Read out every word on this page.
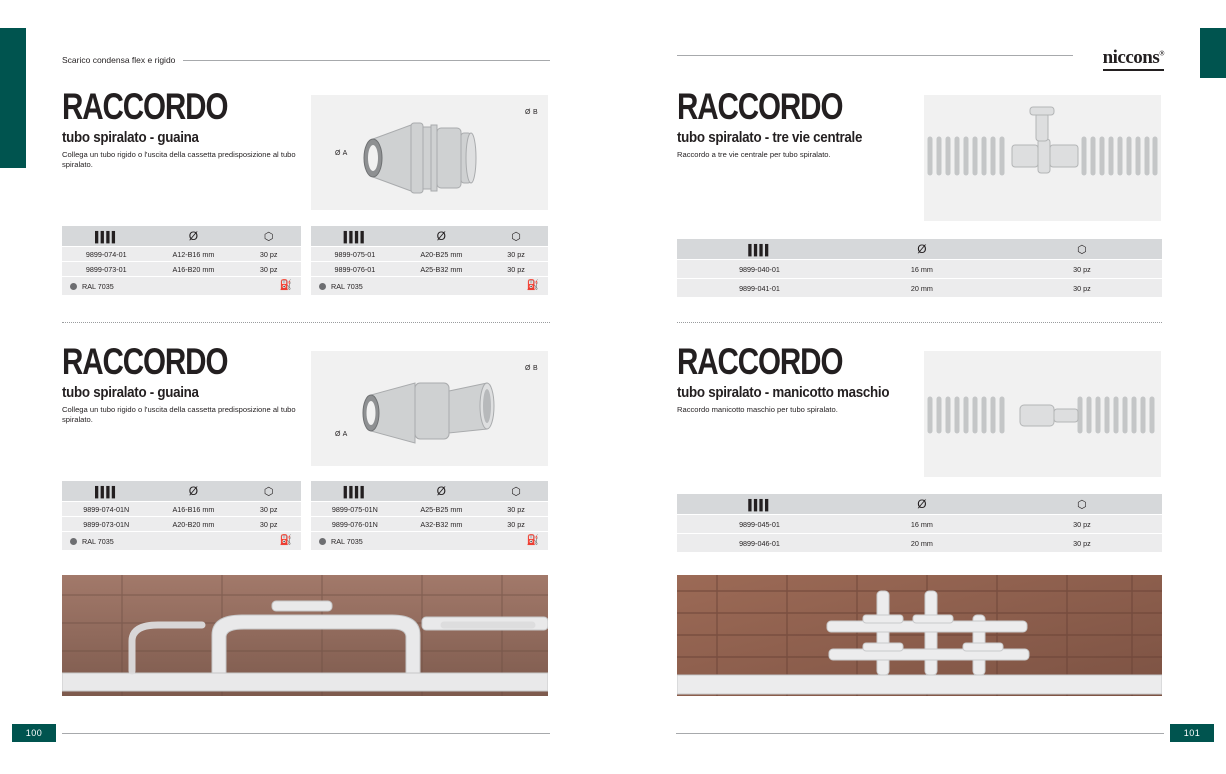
Scarico condensa flex e rigido
RACCORDO
tubo spiralato - guaina

Collega un tubo rigido o l'uscita della cassetta predisposizione al tubo spiralato.

Ø B
Ø A
▌▌▌▌	Ø	⬡
9899-074-01	A12-B16 mm	30 pz
9899-073-01	A16-B20 mm	30 pz

RAL 7035 ⛽		
▌▌▌▌	Ø	⬡
9899-075-01	A20-B25 mm	30 pz
9899-076-01	A25-B32 mm	30 pz

RAL 7035 ⛽		
RACCORDO
tubo spiralato - guaina

Collega un tubo rigido o l'uscita della cassetta predisposizione al tubo spiralato.

Ø B
Ø A
▌▌▌▌	Ø	⬡
9899-074-01N	A16-B16 mm	30 pz
9899-073-01N	A20-B20 mm	30 pz

RAL 7035 ⛽		
▌▌▌▌	Ø	⬡
9899-075-01N	A25-B25 mm	30 pz
9899-076-01N	A32-B32 mm	30 pz

RAL 7035 ⛽		
100
niccons®
RACCORDO
tubo spiralato - tre vie centrale

Raccordo a tre vie centrale per tubo spiralato.

▌▌▌▌	Ø	⬡
9899-040-01	16 mm	30 pz
9899-041-01	20 mm	30 pz
RACCORDO
tubo spiralato - manicotto maschio

Raccordo manicotto maschio per tubo spiralato.

▌▌▌▌	Ø	⬡
9899-045-01	16 mm	30 pz
9899-046-01	20 mm	30 pz
101
